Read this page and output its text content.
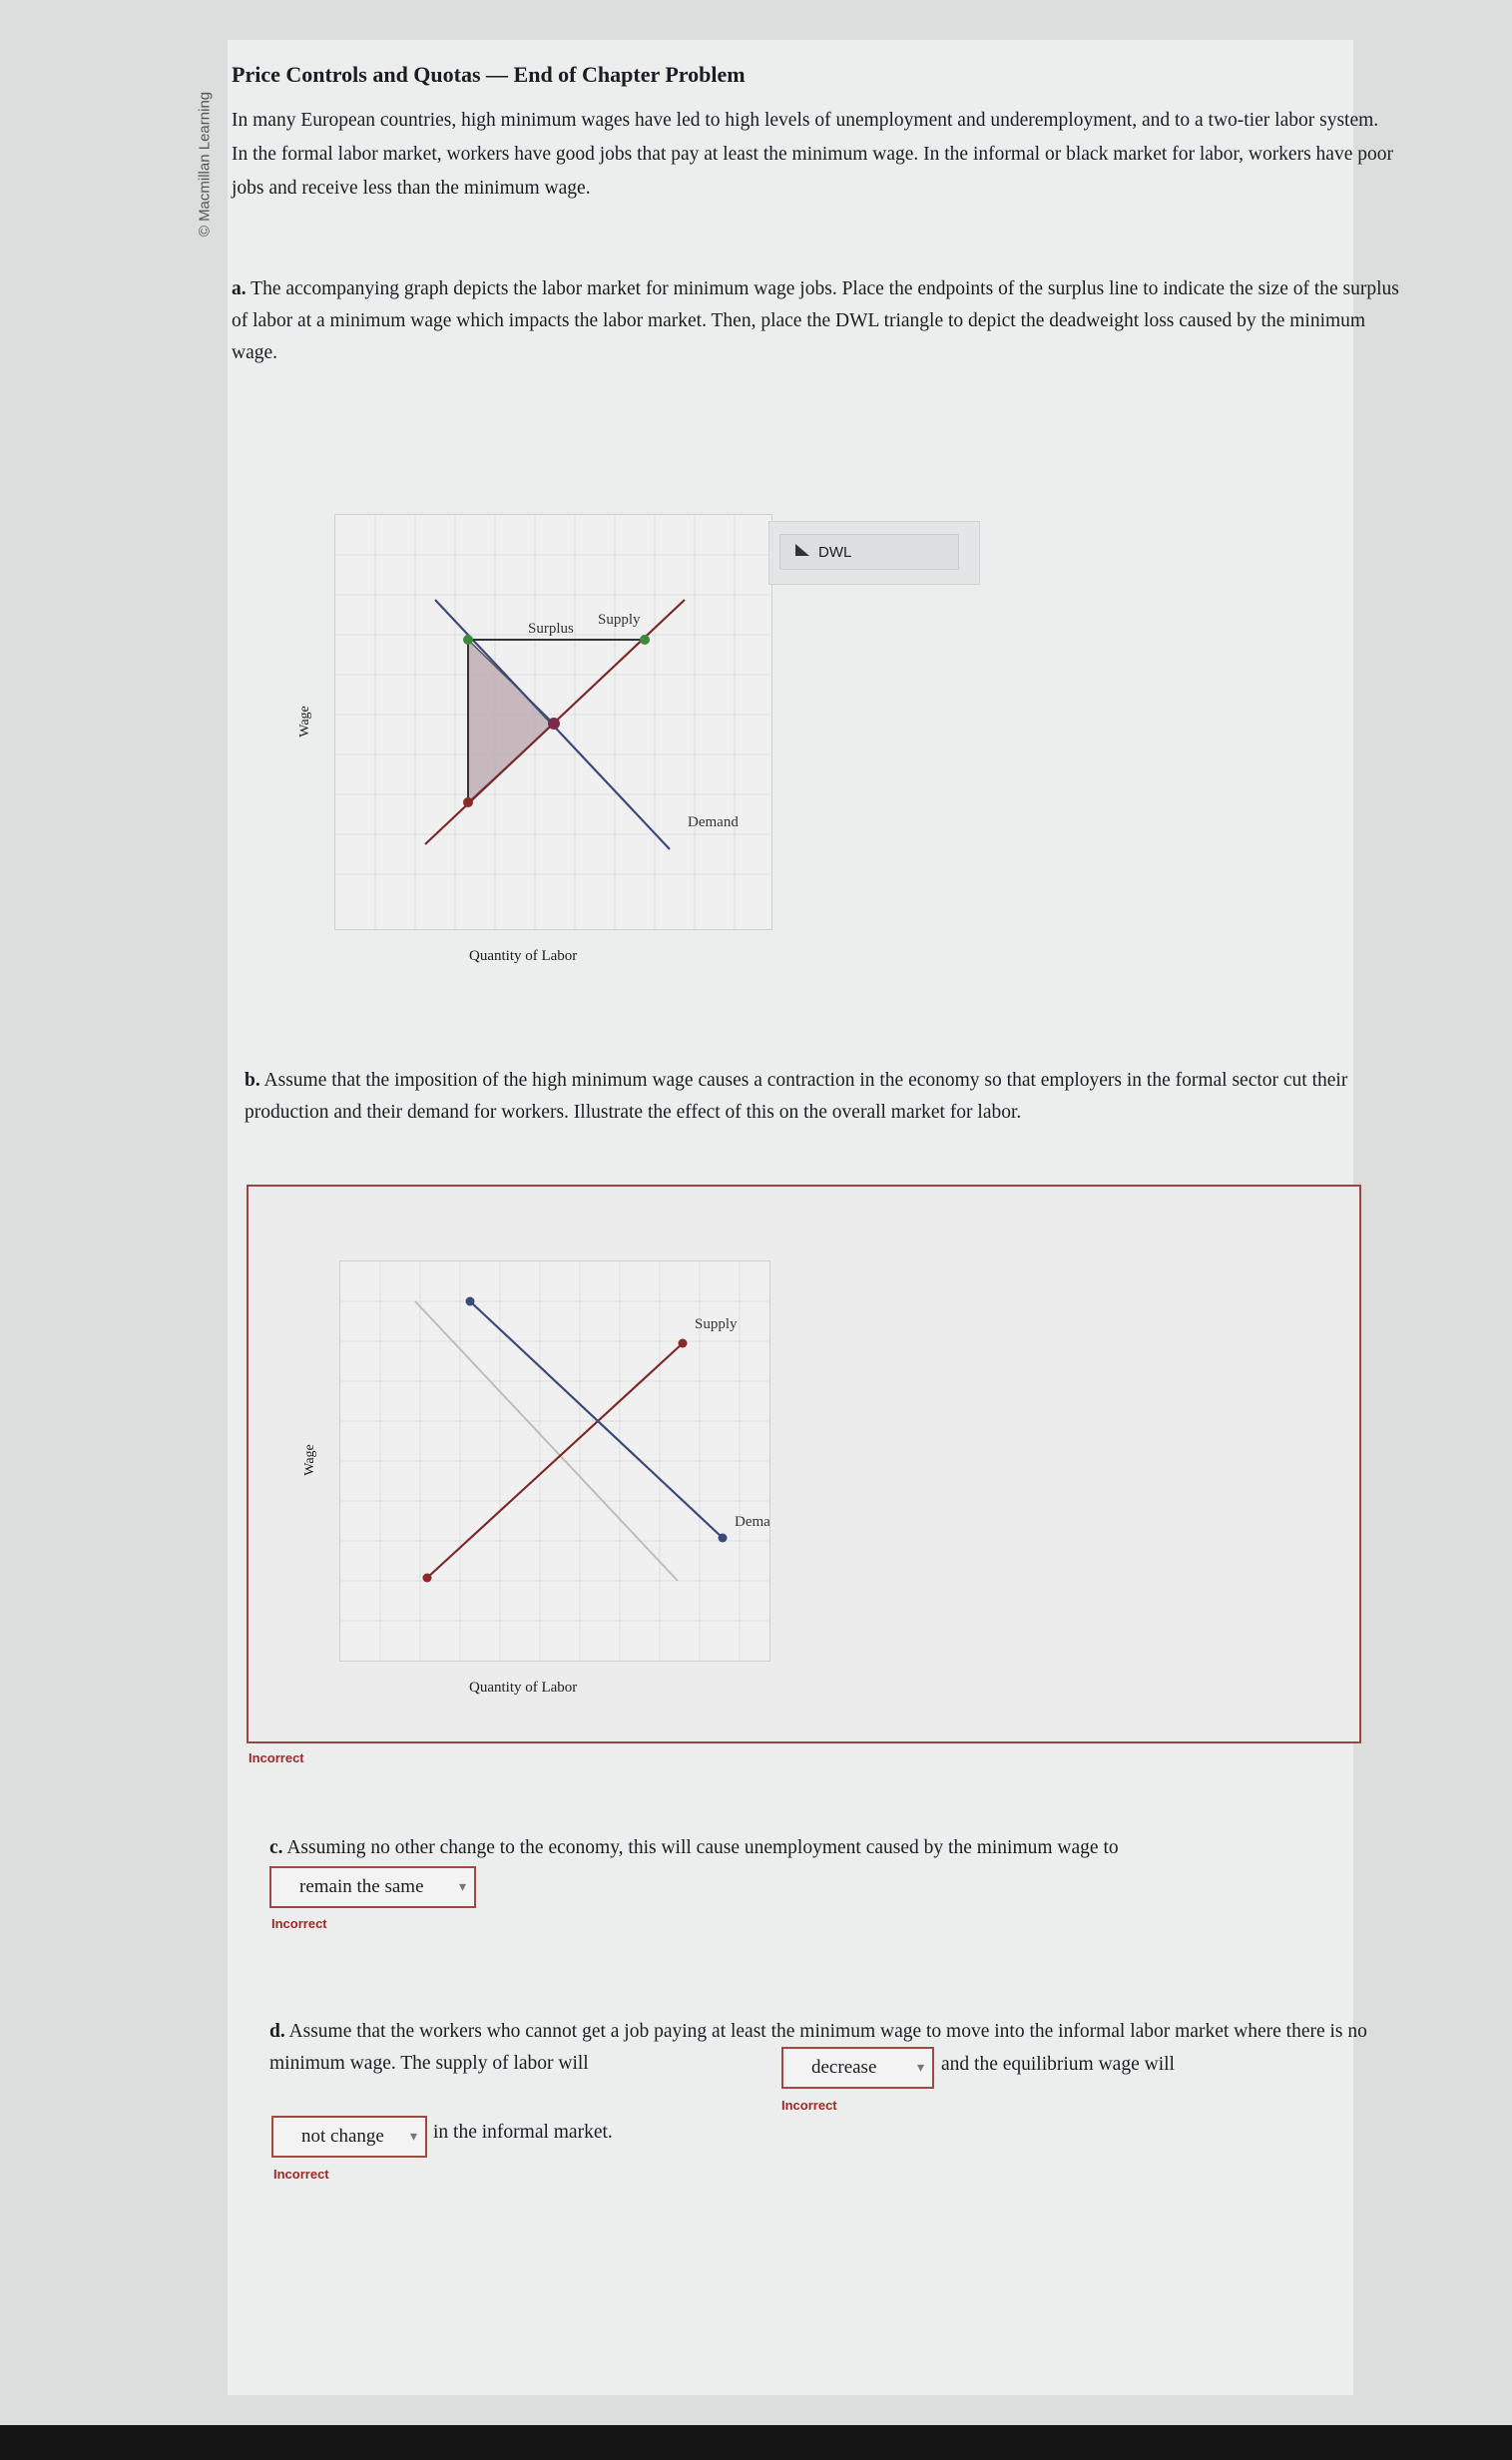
© Macmillan Learning
Price Controls and Quotas — End of Chapter Problem
In many European countries, high minimum wages have led to high levels of unemployment and underemployment, and to a two-tier labor system. In the formal labor market, workers have good jobs that pay at least the minimum wage. In the informal or black market for labor, workers have poor jobs and receive less than the minimum wage.
a. The accompanying graph depicts the labor market for minimum wage jobs. Place the endpoints of the surplus line to indicate the size of the surplus of labor at a minimum wage which impacts the labor market. Then, place the DWL triangle to depict the deadweight loss caused by the minimum wage.
Surplus
Supply
Demand
Wage
Quantity of Labor
DWL
b. Assume that the imposition of the high minimum wage causes a contraction in the economy so that employers in the formal sector cut their production and their demand for workers. Illustrate the effect of this on the overall market for labor.
Supply
Dema
Wage
Quantity of Labor
Incorrect
c. Assuming no other change to the economy, this will cause unemployment caused by the minimum wage to
remain the same	▾
Incorrect
d. Assume that the workers who cannot get a job paying at least the minimum wage to move into the informal labor market where there is no minimum wage. The supply of labor will	decrease	▾ and the equilibrium wage will
Incorrect
not change ▾ in the informal market.
Incorrect
